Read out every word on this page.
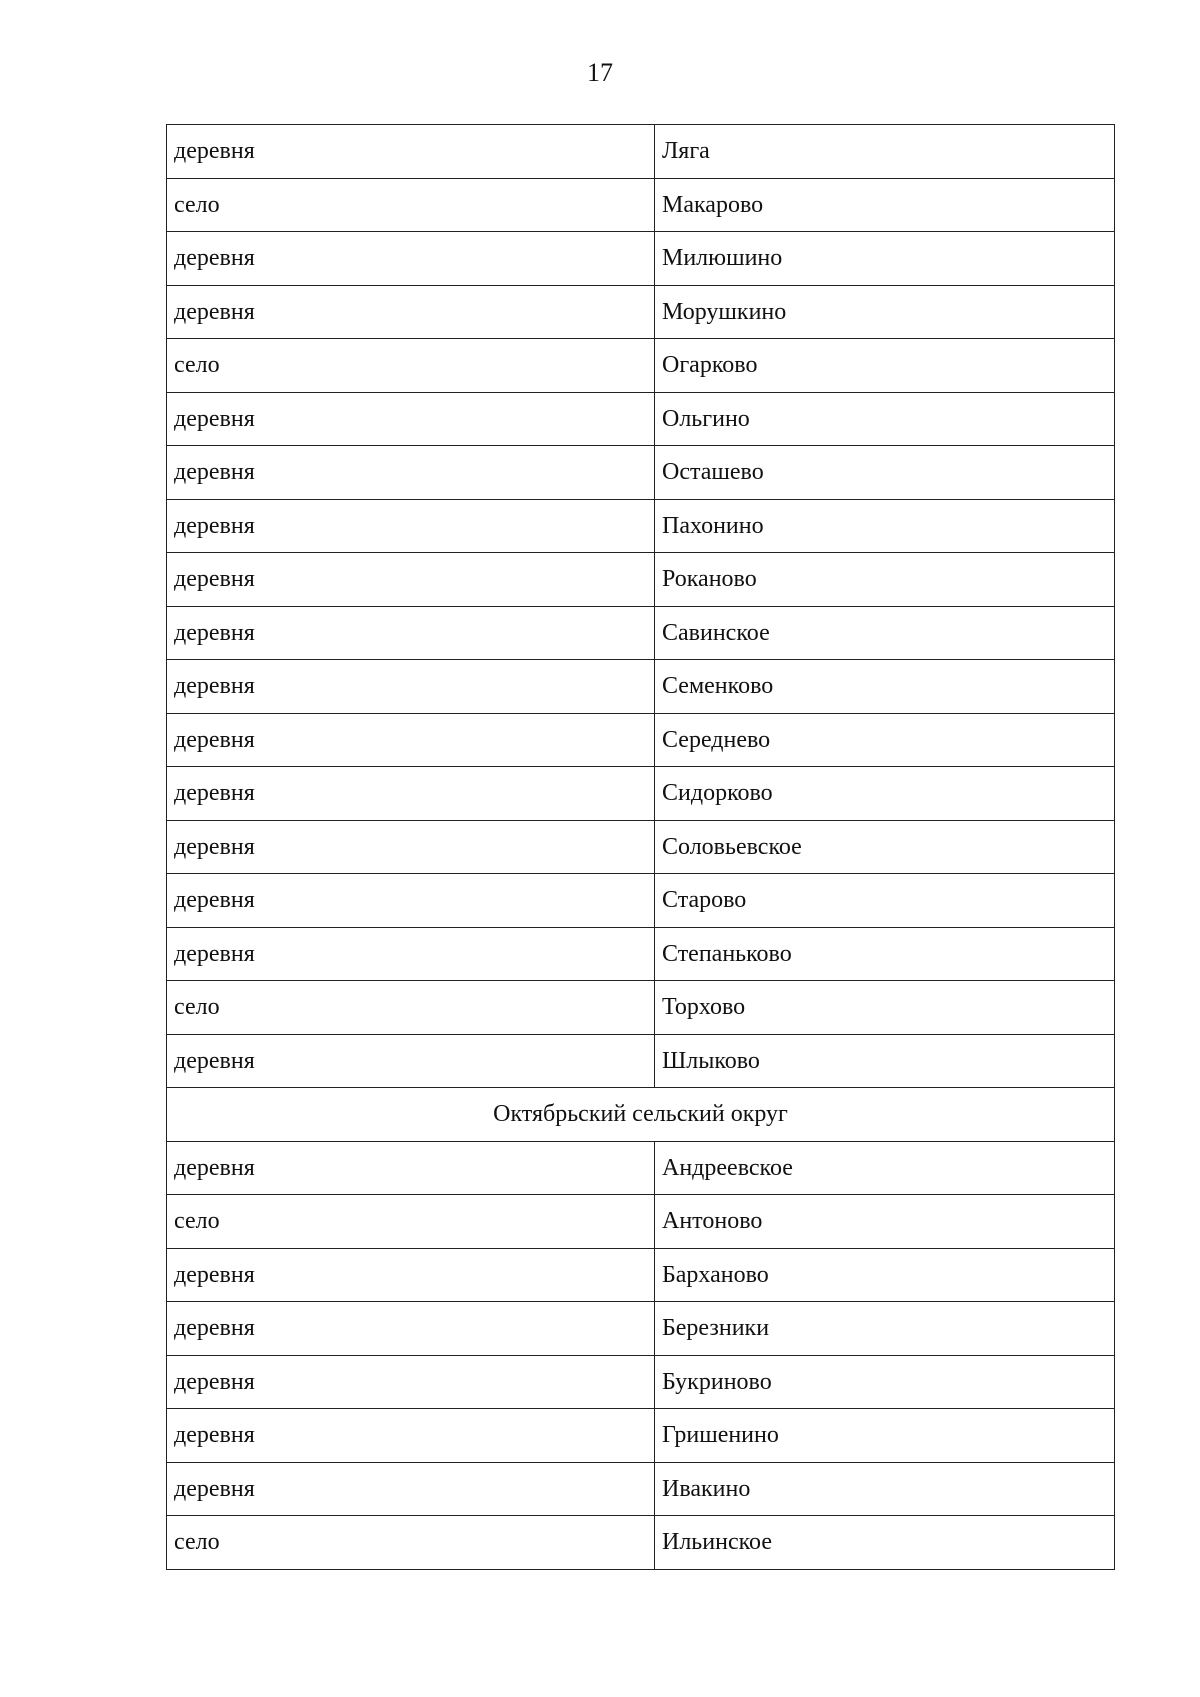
17
деревня	Ляга
село	Макарово
деревня	Милюшино
деревня	Морушкино
село	Огарково
деревня	Ольгино
деревня	Осташево
деревня	Пахонино
деревня	Роканово
деревня	Савинское
деревня	Семенково
деревня	Середнево
деревня	Сидорково
деревня	Соловьевское
деревня	Старово
деревня	Степаньково
село	Торхово
деревня	Шлыково
Октябрьский сельский округ	
деревня	Андреевское
село	Антоново
деревня	Барханово
деревня	Березники
деревня	Букриново
деревня	Гришенино
деревня	Ивакино
село	Ильинское
